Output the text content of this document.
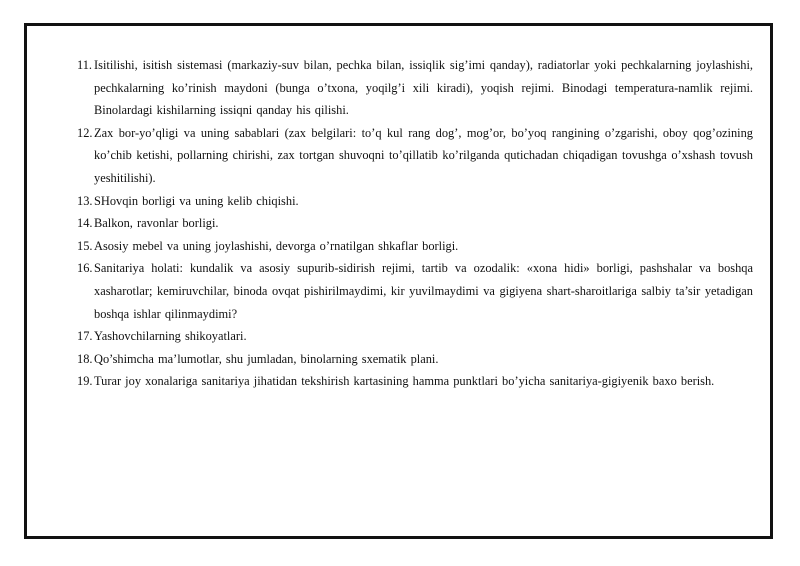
11. Isitilishi, isitish sistemasi (markaziy-suv bilan, pechka bilan, issiqlik sig’imi qanday), radiatorlar yoki pechkalarning joylashishi, pechkalarning ko’rinish maydoni (bunga o’txona, yoqilg’i xili kiradi), yoqish rejimi. Binodagi temperatura-namlik rejimi. Binolardagi kishilarning issiqni qanday his qilishi.
12. Zax bor-yo’qligi va uning sabablari (zax belgilari: to’q kul rang dog’, mog’or, bo’yoq rangining o’zgarishi, oboy qog’ozining ko’chib ketishi, pollarning chirishi, zax tortgan shuvoqni to’qillatib ko’rilganda qutichadan chiqadigan tovushga o’xshash tovush yeshitilishi).
13. SHovqin borligi va uning kelib chiqishi.
14. Balkon, ravonlar borligi.
15. Asosiy mebel va uning joylashishi, devorga o’rnatilgan shkaflar borligi.
16. Sanitariya holati: kundalik va asosiy supurib-sidirish rejimi, tartib va ozodalik: «xona hidi» borligi, pashshalar va boshqa xasharotlar; kemiruvchilar, binoda ovqat pishirilmaydimi, kir yuvilmaydimi va gigiyena shart-sharoitlariga salbiy ta’sir yetadigan boshqa ishlar qilinmaydimi?
17. Yashovchilarning shikoyatlari.
18. Qo’shimcha ma’lumotlar, shu jumladan, binolarning sxematik plani.
19. Turar joy xonalariga sanitariya jihatidan tekshirish kartasining hamma punktlari bo’yicha sanitariya-gigiyenik baxo berish.
